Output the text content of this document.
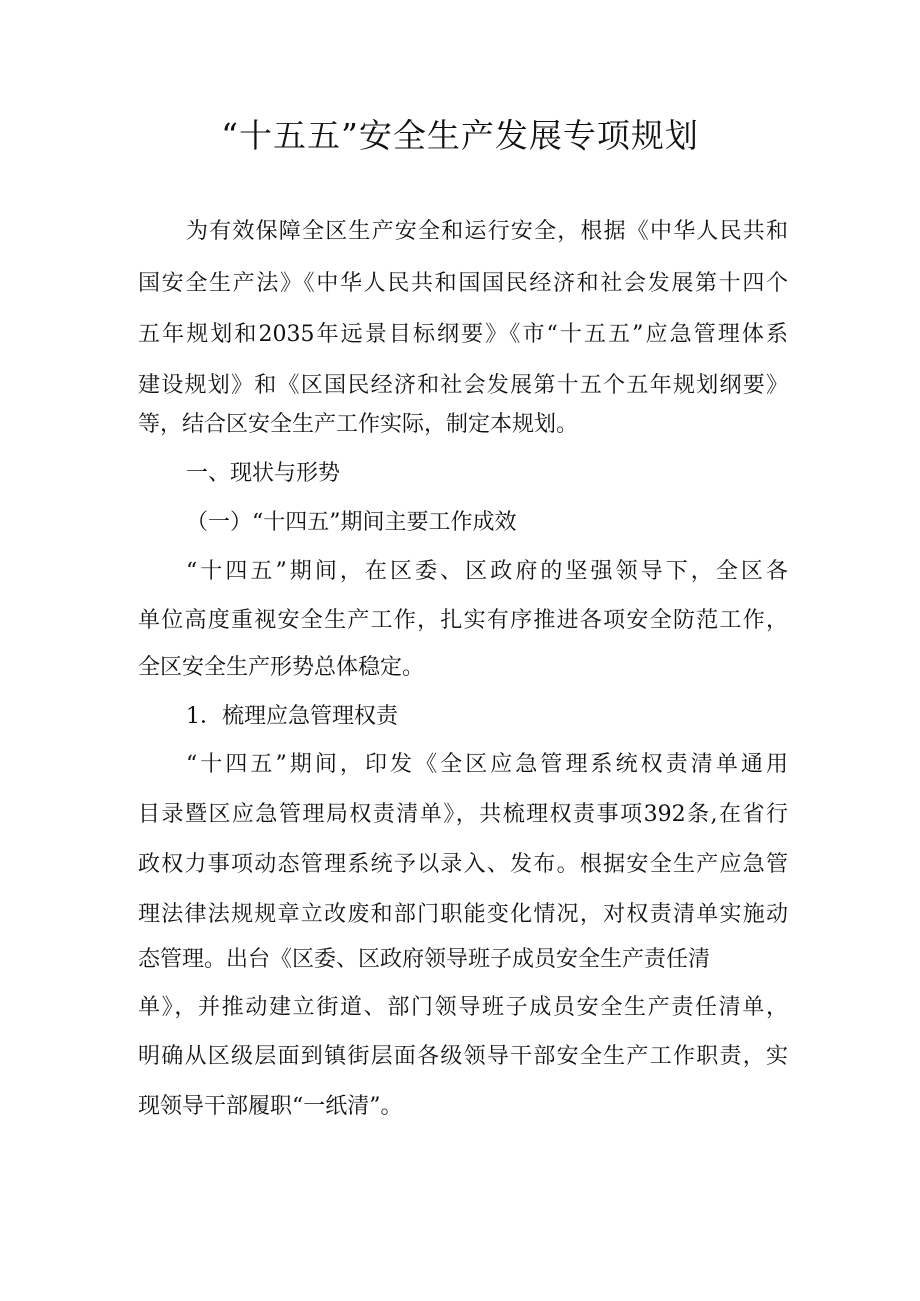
“十五五”安全生产发展专项规划

为有效保障全区生产安全和运行安全，根据《中华人民共和

国安全生产法》《中华人民共和国国民经济和社会发展第十四个

五年规划和2035年远景目标纲要》《市“十五五”应急管理体系

建设规划》和《区国民经济和社会发展第十五个五年规划纲要》

等，结合区安全生产工作实际，制定本规划。

一、现状与形势

（一）“十四五”期间主要工作成效

“十四五”期间，在区委、区政府的坚强领导下，全区各

单位高度重视安全生产工作，扎实有序推进各项安全防范工作，

全区安全生产形势总体稳定。

1．梳理应急管理权责

“十四五”期间，印发《全区应急管理系统权责清单通用

目录暨区应急管理局权责清单》，共梳理权责事项392条,在省行

政权力事项动态管理系统予以录入、发布。根据安全生产应急管

理法律法规规章立改废和部门职能变化情况，对权责清单实施动

态管理。出台《区委、区政府领导班子成员安全生产责任清

单》，并推动建立街道、部门领导班子成员安全生产责任清单，

明确从区级层面到镇街层面各级领导干部安全生产工作职责，实

现领导干部履职“一纸清”。
